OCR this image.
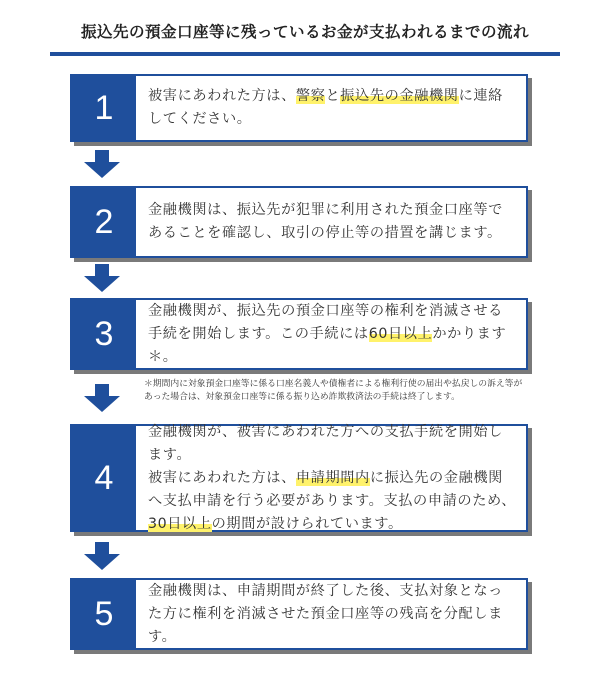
振込先の預金口座等に残っているお金が支払われるまでの流れ
1	被害にあわれた方は、警察と振込先の金融機関に連絡してください。
2	金融機関は、振込先が犯罪に利用された預金口座等であることを確認し、取引の停止等の措置を講じます。
3
金融機関が、振込先の預金口座等の権利を消滅させる手続を開始します。この手続には60日以上かかります＊。
＊期間内に対象預金口座等に係る口座名義人や債権者による権利行使の届出や払戻しの訴え等があった場合は、対象預金口座等に係る振り込め詐欺救済法の手続は終了します。
4
金融機関が、被害にあわれた方への支払手続を開始します。
被害にあわれた方は、申請期間内に振込先の金融機関へ支払申請を行う必要があります。支払の申請のため、30日以上の期間が設けられています。
5
金融機関は、申請期間が終了した後、支払対象となった方に権利を消滅させた預金口座等の残高を分配します。
